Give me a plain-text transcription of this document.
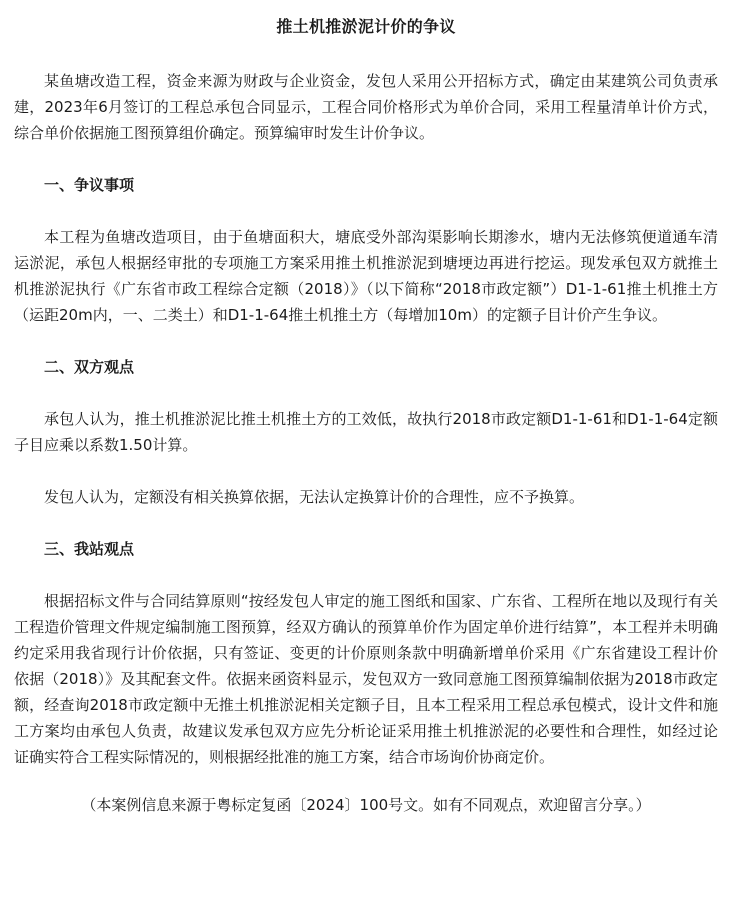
推土机推淤泥计价的争议

某鱼塘改造工程，资金来源为财政与企业资金，发包人采用公开招标方式，确定由某建筑公司负责承建，2023年6月签订的工程总承包合同显示，工程合同价格形式为单价合同，采用工程量清单计价方式，综合单价依据施工图预算组价确定。预算编审时发生计价争议。

一、争议事项

本工程为鱼塘改造项目，由于鱼塘面积大，塘底受外部沟渠影响长期渗水，塘内无法修筑便道通车清运淤泥，承包人根据经审批的专项施工方案采用推土机推淤泥到塘埂边再进行挖运。现发承包双方就推土机推淤泥执行《广东省市政工程综合定额（2018）》（以下简称“2018市政定额”）D1-1-61推土机推土方（运距20m内，一、二类土）和D1-1-64推土机推土方（每增加10m）的定额子目计价产生争议。

二、双方观点

承包人认为，推土机推淤泥比推土机推土方的工效低，故执行2018市政定额D1-1-61和D1-1-64定额子目应乘以系数1.50计算。

发包人认为，定额没有相关换算依据，无法认定换算计价的合理性，应不予换算。

三、我站观点

根据招标文件与合同结算原则“按经发包人审定的施工图纸和国家、广东省、工程所在地以及现行有关工程造价管理文件规定编制施工图预算，经双方确认的预算单价作为固定单价进行结算”，本工程并未明确约定采用我省现行计价依据，只有签证、变更的计价原则条款中明确新增单价采用《广东省建设工程计价依据（2018）》及其配套文件。依据来函资料显示，发包双方一致同意施工图预算编制依据为2018市政定额，经查询2018市政定额中无推土机推淤泥相关定额子目，且本工程采用工程总承包模式，设计文件和施工方案均由承包人负责，故建议发承包双方应先分析论证采用推土机推淤泥的必要性和合理性，如经过论证确实符合工程实际情况的，则根据经批准的施工方案，结合市场询价协商定价。

（本案例信息来源于粤标定复函〔2024〕100号文。如有不同观点，欢迎留言分享。）
